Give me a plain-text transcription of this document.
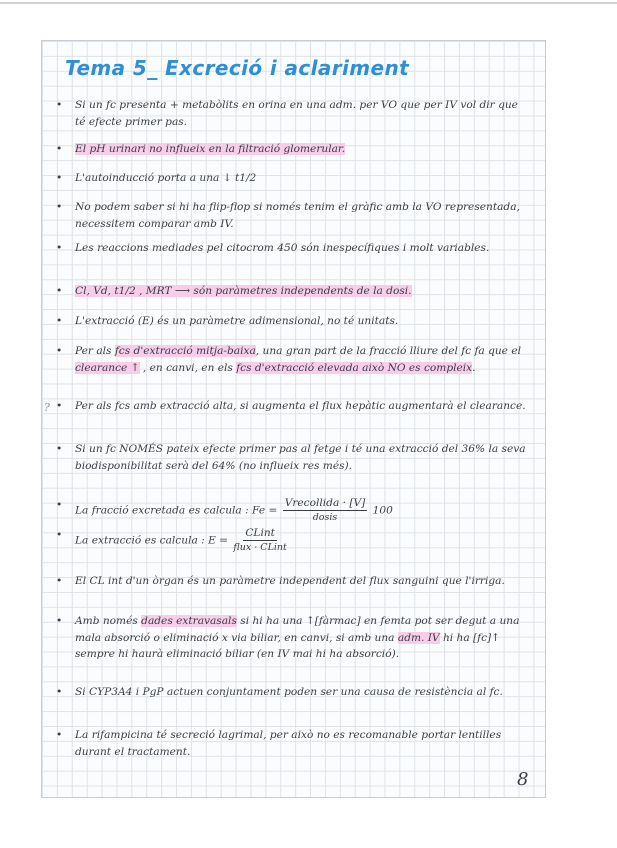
Tema 5_ Excreció i aclariment
?
•	Si un fc presenta + metabòlits en orina en una adm. per VO que per IV vol dir que té efecte primer pas.
•	El pH urinari no influeix en la filtració glomerular.
•	L'autoinducció porta a una ↓ t1/2
•	No podem saber si hi ha flip-flop si només tenim el gràfic amb la VO representada, necessitem comparar amb IV.
•	Les reaccions mediades pel citocrom 450 són inespecífiques i molt variables.
•	Cl, Vd, t1/2 , MRT ⟶ són paràmetres independents de la dosi.
•	L'extracció (E) és un paràmetre adimensional, no té unitats.
•	Per als fcs d'extracció mitja-baixa, una gran part de la fracció lliure del fc fa que el clearance ↑ , en canvi, en els fcs d'extracció elevada això NO es compleix.
•	Per als fcs amb extracció alta, si augmenta el flux hepàtic augmentarà el clearance.
•	Si un fc NOMÉS pateix efecte primer pas al fetge i té una extracció del 36% la seva biodisponibilitat serà del 64% (no influeix res més).
•	La fracció excretada es calcula : $Fe = \frac{\text{Vrecollida · [V]}}{\text{dosis}} 100$
•	La extracció es calcula : $E = \frac{\text{CLint}}{\text{flux · CLint}}$
•	El CL int d'un òrgan és un paràmetre independent del flux sanguini que l'irriga.
•	Amb només dades extravasals si hi ha una ↑[fàrmac] en femta pot ser degut a una mala absorció o eliminació x via biliar, en canvi, si amb una adm. IV hi ha [fc]↑ sempre hi haurà eliminació biliar (en IV mai hi ha absorció).
•	Si CYP3A4 i PgP actuen conjuntament poden ser una causa de resistència al fc.
•	La rifampicina té secreció lagrimal, per això no es recomanable portar lentilles durant el tractament.
8
